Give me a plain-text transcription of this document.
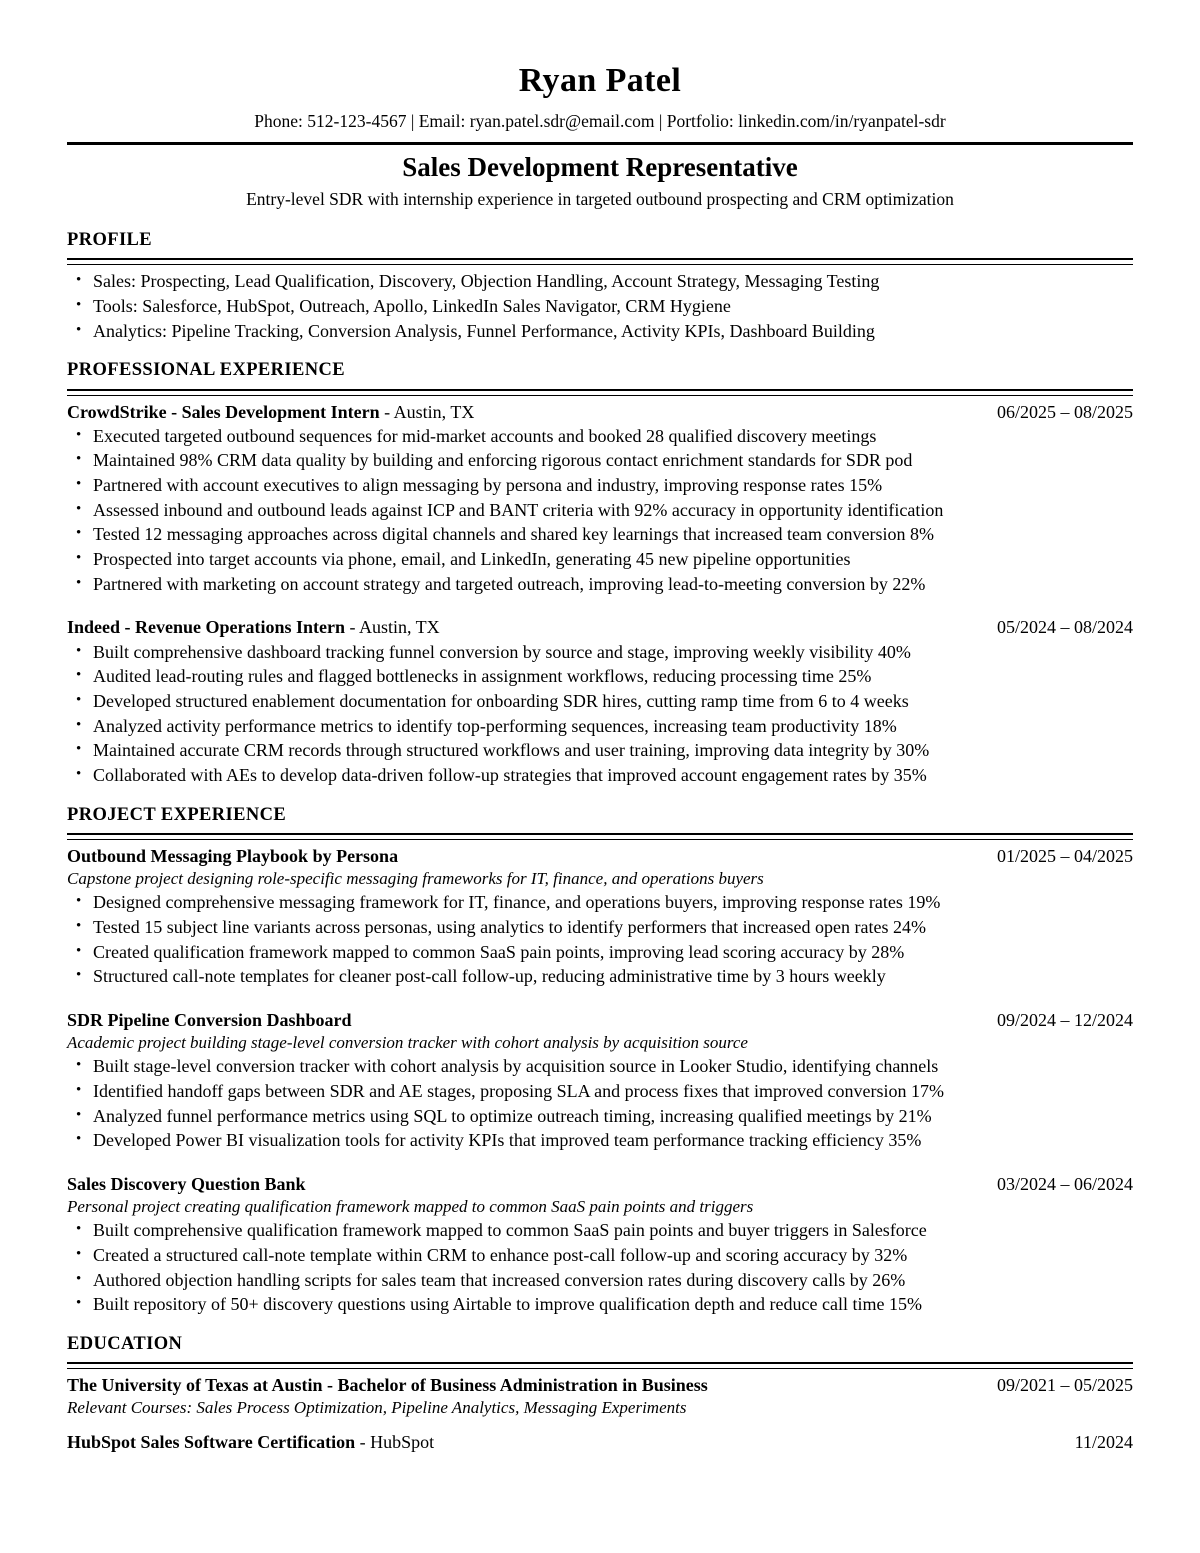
Ryan Patel
Phone: 512-123-4567 | Email: ryan.patel.sdr@email.com | Portfolio: linkedin.com/in/ryanpatel-sdr
Sales Development Representative
Entry-level SDR with internship experience in targeted outbound prospecting and CRM optimization
PROFILE
• Sales: Prospecting, Lead Qualification, Discovery, Objection Handling, Account Strategy, Messaging Testing
• Tools: Salesforce, HubSpot, Outreach, Apollo, LinkedIn Sales Navigator, CRM Hygiene
• Analytics: Pipeline Tracking, Conversion Analysis, Funnel Performance, Activity KPIs, Dashboard Building
PROFESSIONAL EXPERIENCE
CrowdStrike - Sales Development Intern - Austin, TX	06/2025 – 08/2025
• Executed targeted outbound sequences for mid-market accounts and booked 28 qualified discovery meetings
• Maintained 98% CRM data quality by building and enforcing rigorous contact enrichment standards for SDR pod
• Partnered with account executives to align messaging by persona and industry, improving response rates 15%
• Assessed inbound and outbound leads against ICP and BANT criteria with 92% accuracy in opportunity identification
• Tested 12 messaging approaches across digital channels and shared key learnings that increased team conversion 8%
• Prospected into target accounts via phone, email, and LinkedIn, generating 45 new pipeline opportunities
• Partnered with marketing on account strategy and targeted outreach, improving lead-to-meeting conversion by 22%
Indeed - Revenue Operations Intern - Austin, TX	05/2024 – 08/2024
• Built comprehensive dashboard tracking funnel conversion by source and stage, improving weekly visibility 40%
• Audited lead-routing rules and flagged bottlenecks in assignment workflows, reducing processing time 25%
• Developed structured enablement documentation for onboarding SDR hires, cutting ramp time from 6 to 4 weeks
• Analyzed activity performance metrics to identify top-performing sequences, increasing team productivity 18%
• Maintained accurate CRM records through structured workflows and user training, improving data integrity by 30%
• Collaborated with AEs to develop data-driven follow-up strategies that improved account engagement rates by 35%
PROJECT EXPERIENCE
Outbound Messaging Playbook by Persona	01/2025 – 04/2025
Capstone project designing role-specific messaging frameworks for IT, finance, and operations buyers
• Designed comprehensive messaging framework for IT, finance, and operations buyers, improving response rates 19%
• Tested 15 subject line variants across personas, using analytics to identify performers that increased open rates 24%
• Created qualification framework mapped to common SaaS pain points, improving lead scoring accuracy by 28%
• Structured call-note templates for cleaner post-call follow-up, reducing administrative time by 3 hours weekly
SDR Pipeline Conversion Dashboard	09/2024 – 12/2024
Academic project building stage-level conversion tracker with cohort analysis by acquisition source
• Built stage-level conversion tracker with cohort analysis by acquisition source in Looker Studio, identifying channels
• Identified handoff gaps between SDR and AE stages, proposing SLA and process fixes that improved conversion 17%
• Analyzed funnel performance metrics using SQL to optimize outreach timing, increasing qualified meetings by 21%
• Developed Power BI visualization tools for activity KPIs that improved team performance tracking efficiency 35%
Sales Discovery Question Bank	03/2024 – 06/2024
Personal project creating qualification framework mapped to common SaaS pain points and triggers
• Built comprehensive qualification framework mapped to common SaaS pain points and buyer triggers in Salesforce
• Created a structured call-note template within CRM to enhance post-call follow-up and scoring accuracy by 32%
• Authored objection handling scripts for sales team that increased conversion rates during discovery calls by 26%
• Built repository of 50+ discovery questions using Airtable to improve qualification depth and reduce call time 15%
EDUCATION
The University of Texas at Austin - Bachelor of Business Administration in Business	09/2021 – 05/2025
Relevant Courses: Sales Process Optimization, Pipeline Analytics, Messaging Experiments
HubSpot Sales Software Certification - HubSpot	11/2024
